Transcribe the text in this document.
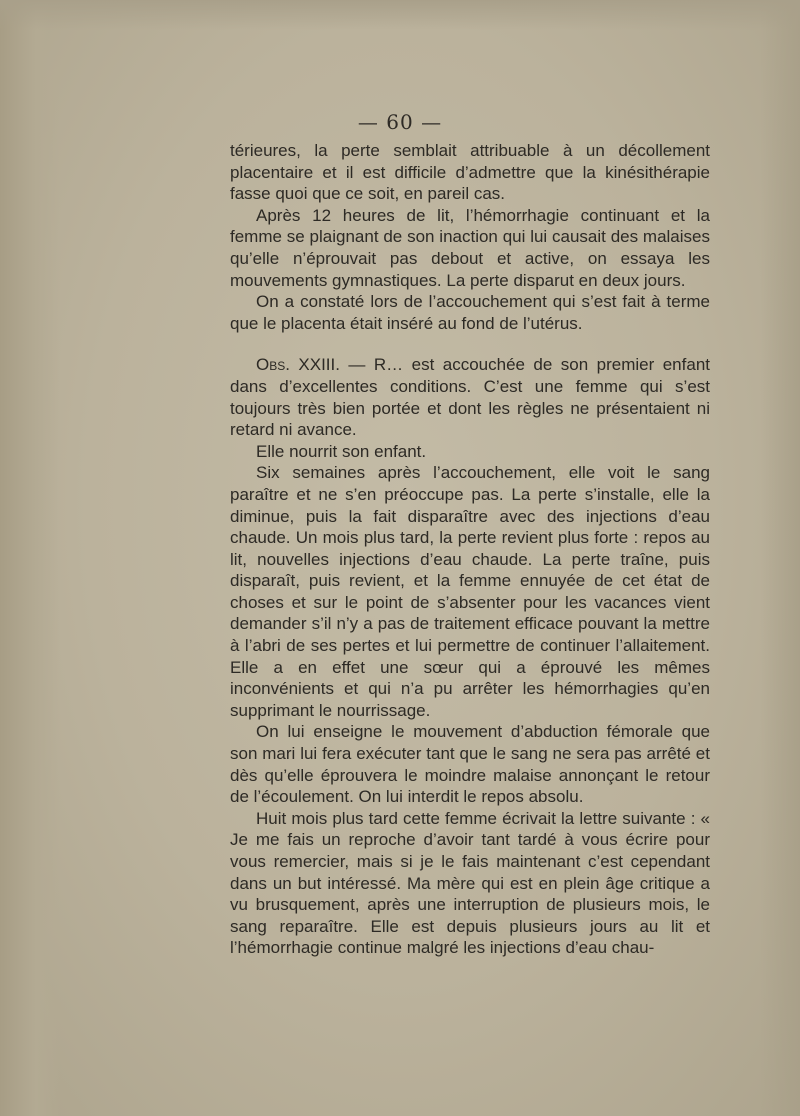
— 60 —

térieures, la perte semblait attribuable à un décollement placentaire et il est difficile d’admettre que la kinésithérapie fasse quoi que ce soit, en pareil cas.

Après 12 heures de lit, l’hémorrhagie continuant et la femme se plaignant de son inaction qui lui causait des malaises qu’elle n’éprouvait pas debout et active, on essaya les mouvements gymnastiques. La perte disparut en deux jours.

On a constaté lors de l’accouchement qui s’est fait à terme que le placenta était inséré au fond de l’utérus.

Obs. XXIII. — R… est accouchée de son premier enfant dans d’excellentes conditions. C’est une femme qui s’est toujours très bien portée et dont les règles ne présentaient ni retard ni avance.

Elle nourrit son enfant.

Six semaines après l’accouchement, elle voit le sang paraître et ne s’en préoccupe pas. La perte s’installe, elle la diminue, puis la fait disparaître avec des injections d’eau chaude. Un mois plus tard, la perte revient plus forte : repos au lit, nouvelles injections d’eau chaude. La perte traîne, puis disparaît, puis revient, et la femme ennuyée de cet état de choses et sur le point de s’absenter pour les vacances vient demander s’il n’y a pas de traitement efficace pouvant la mettre à l’abri de ses pertes et lui permettre de continuer l’allaitement. Elle a en effet une sœur qui a éprouvé les mêmes inconvénients et qui n’a pu arrêter les hémorrhagies qu’en supprimant le nourrissage.

On lui enseigne le mouvement d’abduction fémorale que son mari lui fera exécuter tant que le sang ne sera pas arrêté et dès qu’elle éprouvera le moindre malaise annonçant le retour de l’écoulement. On lui interdit le repos absolu.

Huit mois plus tard cette femme écrivait la lettre suivante : « Je me fais un reproche d’avoir tant tardé à vous écrire pour vous remercier, mais si je le fais maintenant c’est cependant dans un but intéressé. Ma mère qui est en plein âge critique a vu brusquement, après une interruption de plusieurs mois, le sang reparaître. Elle est depuis plusieurs jours au lit et l’hémorrhagie continue malgré les injections d’eau chau-
